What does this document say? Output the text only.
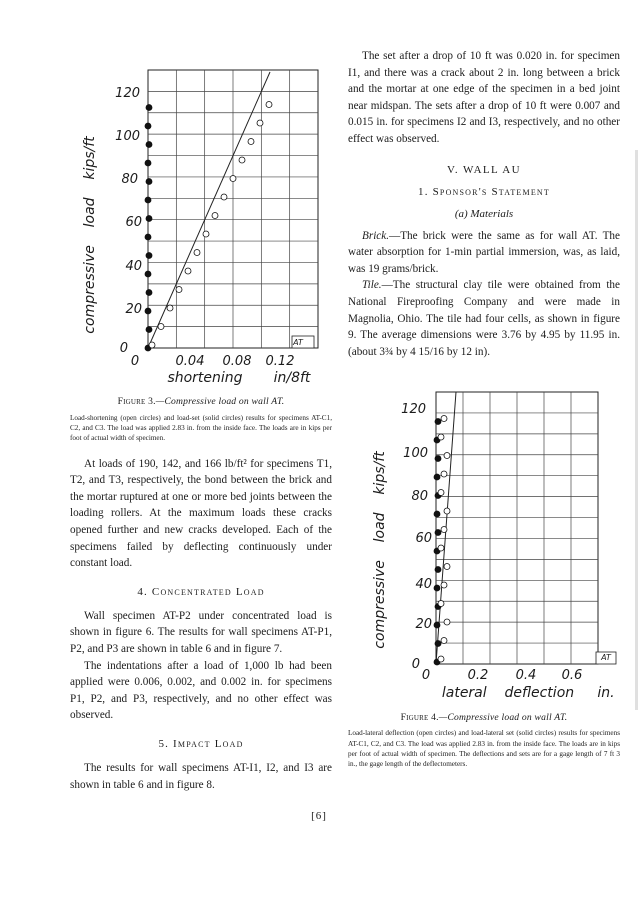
0
20
40
60
80
100
120
0	0.04 0.08 0.12
compressive    load    kips/ft
shortening in/8ft
AT
Figure 3.—Compressive load on wall AT.

Load-shortening (open circles) and load-set (solid circles) results for specimens AT-C1, C2, and C3. The load was applied 2.83 in. from the inside face. The loads are in kips per foot of actual width of specimen.

At loads of 190, 142, and 166 lb/ft² for specimens T1, T2, and T3, respectively, the bond between the brick and the mortar ruptured at one or more bed joints between the loading rollers. At the maximum loads these cracks opened further and new cracks developed. Each of the specimens failed by deflecting continuously under constant load.

4. Concentrated Load

Wall specimen AT-P2 under concentrated load is shown in figure 6. The results for wall specimens AT-P1, P2, and P3 are shown in table 6 and in figure 7.

The indentations after a load of 1,000 lb had been applied were 0.006, 0.002, and 0.002 in. for specimens P1, P2, and P3, respectively, and no other effect was observed.

5. Impact Load

The results for wall specimens AT-I1, I2, and I3 are shown in table 6 and in figure 8.

The set after a drop of 10 ft was 0.020 in. for specimen I1, and there was a crack about 2 in. long between a brick and the mortar at one edge of the specimen in a bed joint near midspan. The sets after a drop of 10 ft were 0.007 and 0.015 in. for specimens I2 and I3, respectively, and no other effect was observed.

V. WALL AU
1. Sponsor's Statement
(a) Materials

Brick.—The brick were the same as for wall AT. The water absorption for 1-min partial immersion, was, as laid, was 19 grams/brick.

Tile.—The structural clay tile were obtained from the National Fireproofing Company and were made in Magnolia, Ohio. The tile had four cells, as shown in figure 9. The average dimensions were 3.76 by 4.95 by 11.95 in. (about 3¾ by 4 15/16 by 12 in).

0
20
40
60
80
100
120
0	0.2 0.4 0.6
compressive    load    kips/ft
lateral    deflection in.
AT
Figure 4.—Compressive load on wall AT.

Load-lateral deflection (open circles) and load-lateral set (solid circles) results for specimens AT-C1, C2, and C3. The load was applied 2.83 in. from the inside face. The loads are in kips per foot of actual width of specimen. The deflections and sets are for a gage length of 7 ft 3 in., the gage length of the deflectometers.

[6]
